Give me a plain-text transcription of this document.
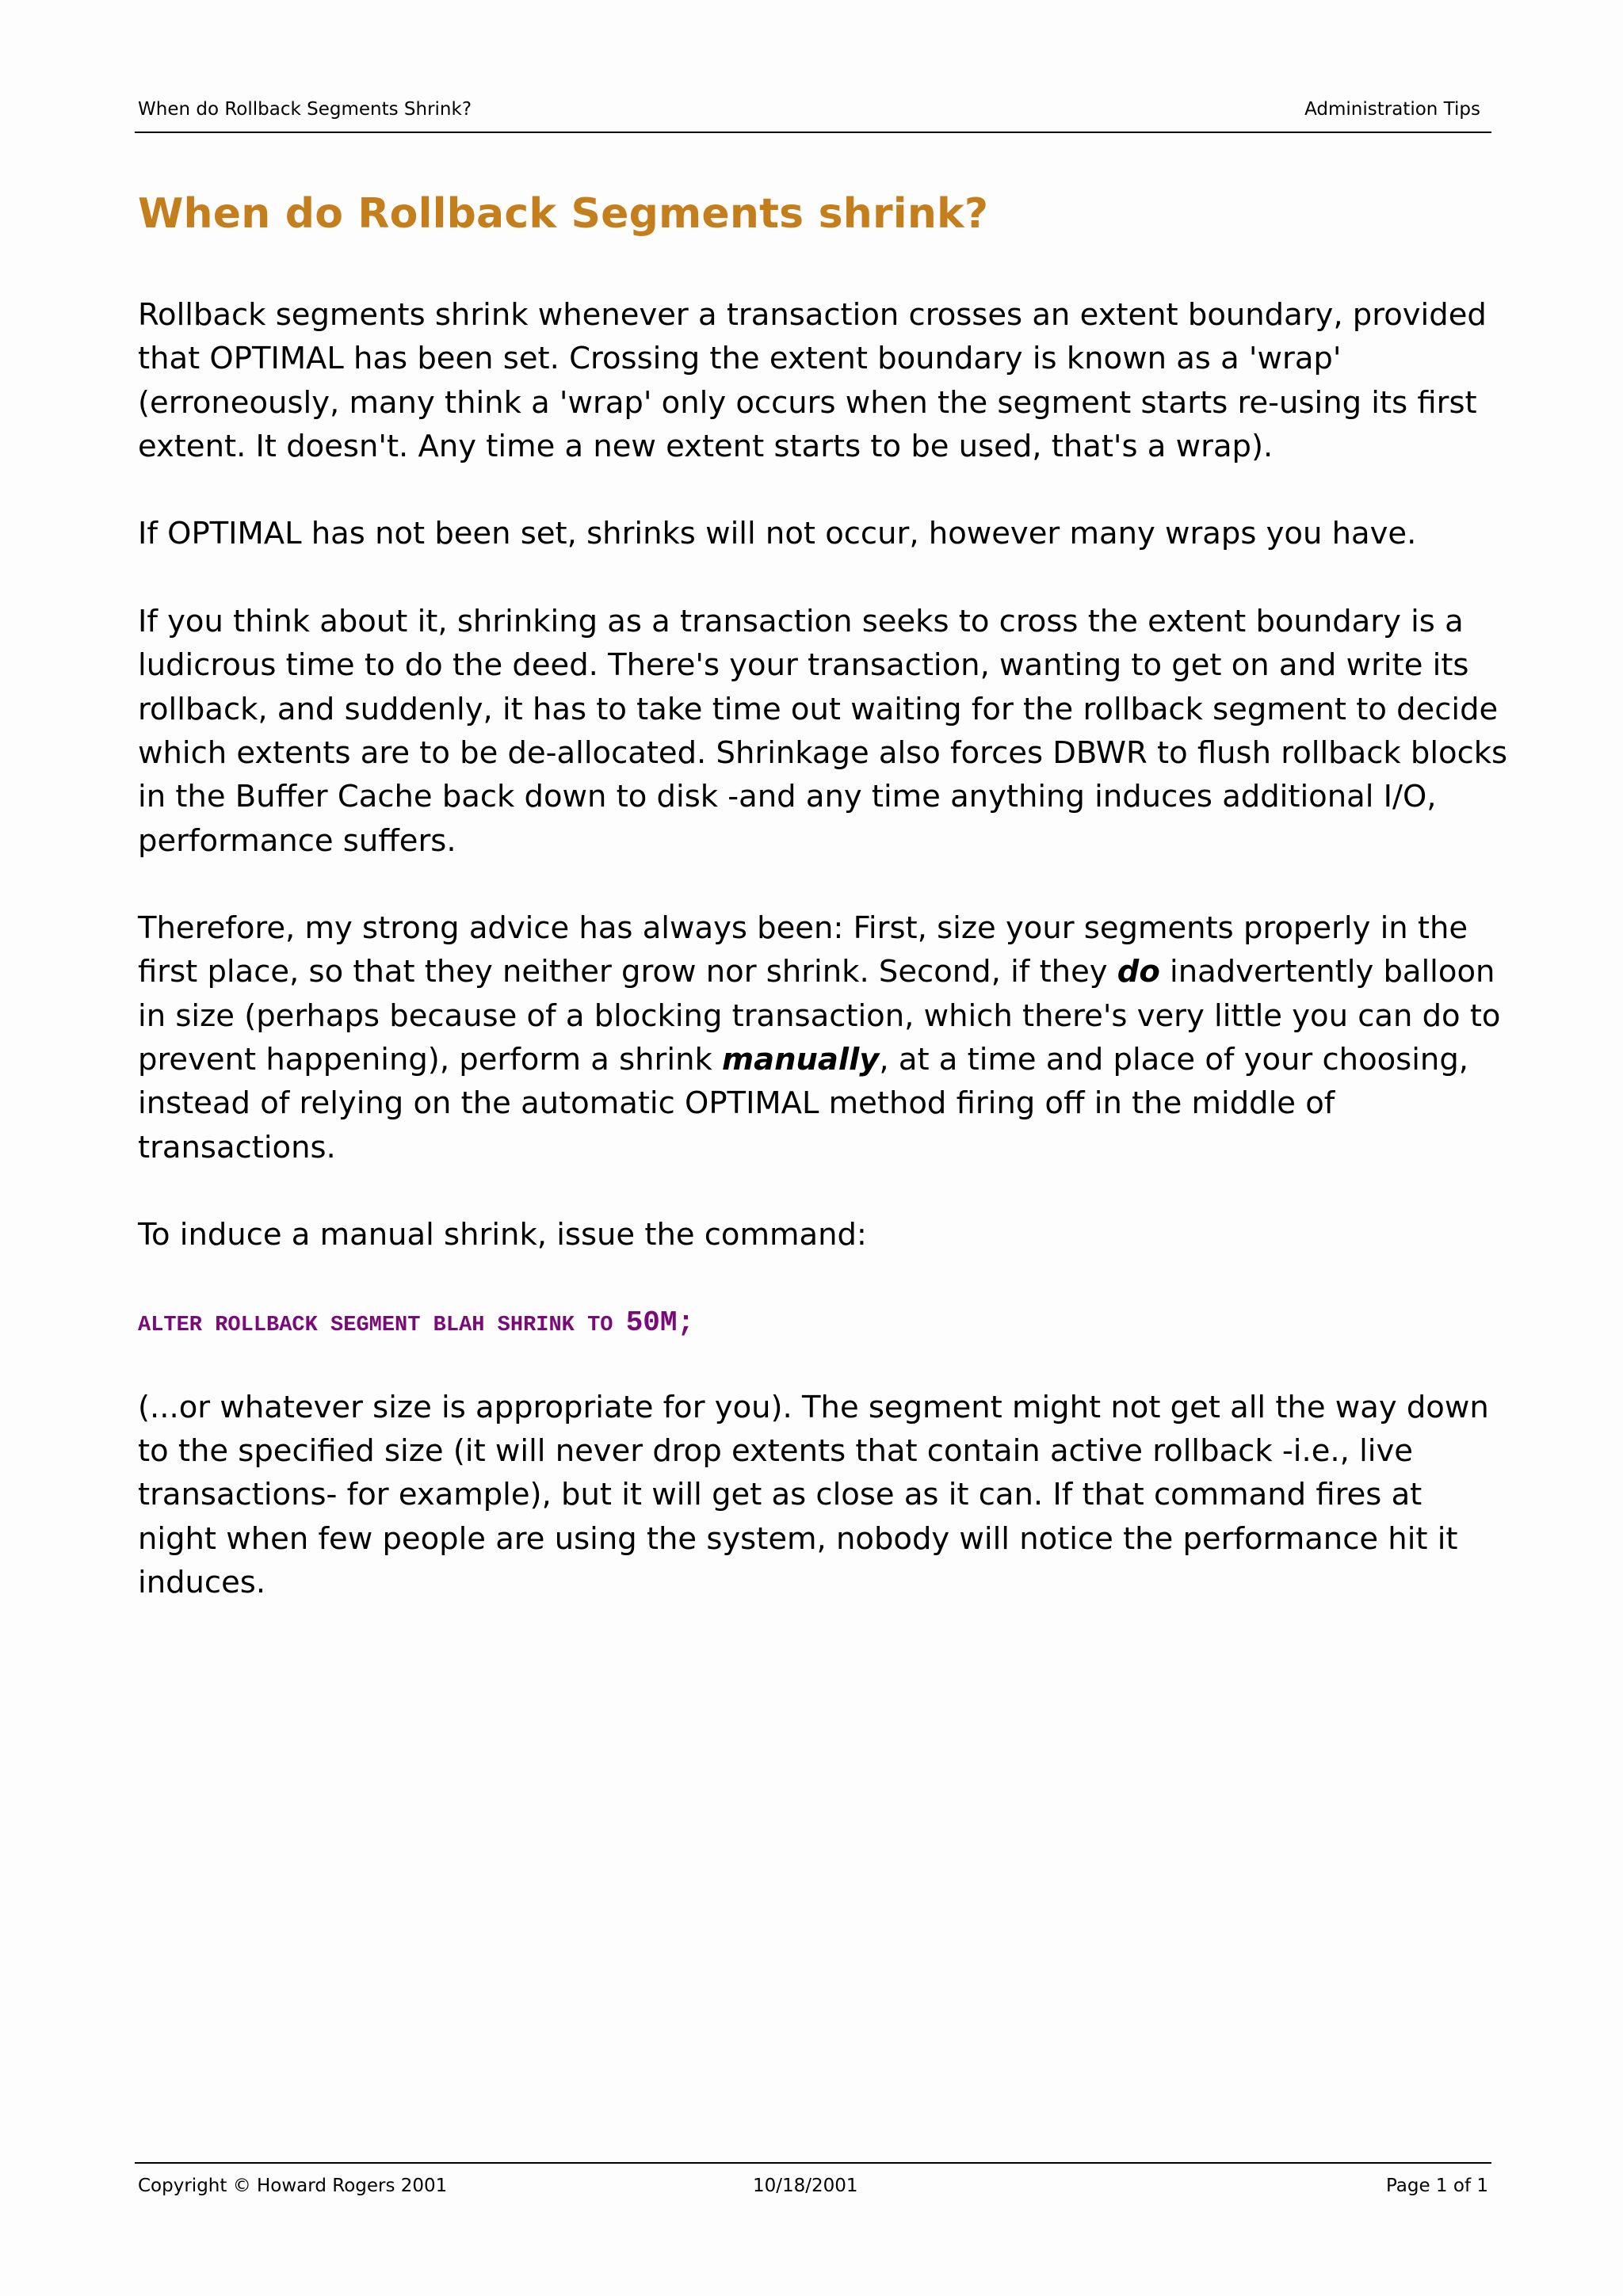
When do Rollback Segments Shrink?	Administration Tips
When do Rollback Segments shrink?

Rollback segments shrink whenever a transaction crosses an extent boundary, provided that OPTIMAL has been set. Crossing the extent boundary is known as a 'wrap' (erroneously, many think a 'wrap' only occurs when the segment starts re-using its first extent. It doesn't. Any time a new extent starts to be used, that's a wrap).

If OPTIMAL has not been set, shrinks will not occur, however many wraps you have.

If you think about it, shrinking as a transaction seeks to cross the extent boundary is a ludicrous time to do the deed. There's your transaction, wanting to get on and write its rollback, and suddenly, it has to take time out waiting for the rollback segment to decide which extents are to be de-allocated. Shrinkage also forces DBWR to flush rollback blocks in the Buffer Cache back down to disk -and any time anything induces additional I/O, performance suffers.

Therefore, my strong advice has always been: First, size your segments properly in the first place, so that they neither grow nor shrink. Second, if they do inadvertently balloon in size (perhaps because of a blocking transaction, which there's very little you can do to prevent happening), perform a shrink manually, at a time and place of your choosing, instead of relying on the automatic OPTIMAL method firing off in the middle of transactions.

To induce a manual shrink, issue the command:

ALTER ROLLBACK SEGMENT BLAH SHRINK TO 50M;

(...or whatever size is appropriate for you). The segment might not get all the way down to the specified size (it will never drop extents that contain active rollback -i.e., live transactions- for example), but it will get as close as it can. If that command fires at night when few people are using the system, nobody will notice the performance hit it induces.

Copyright © Howard Rogers 2001	10/18/2001	Page 1 of 1
